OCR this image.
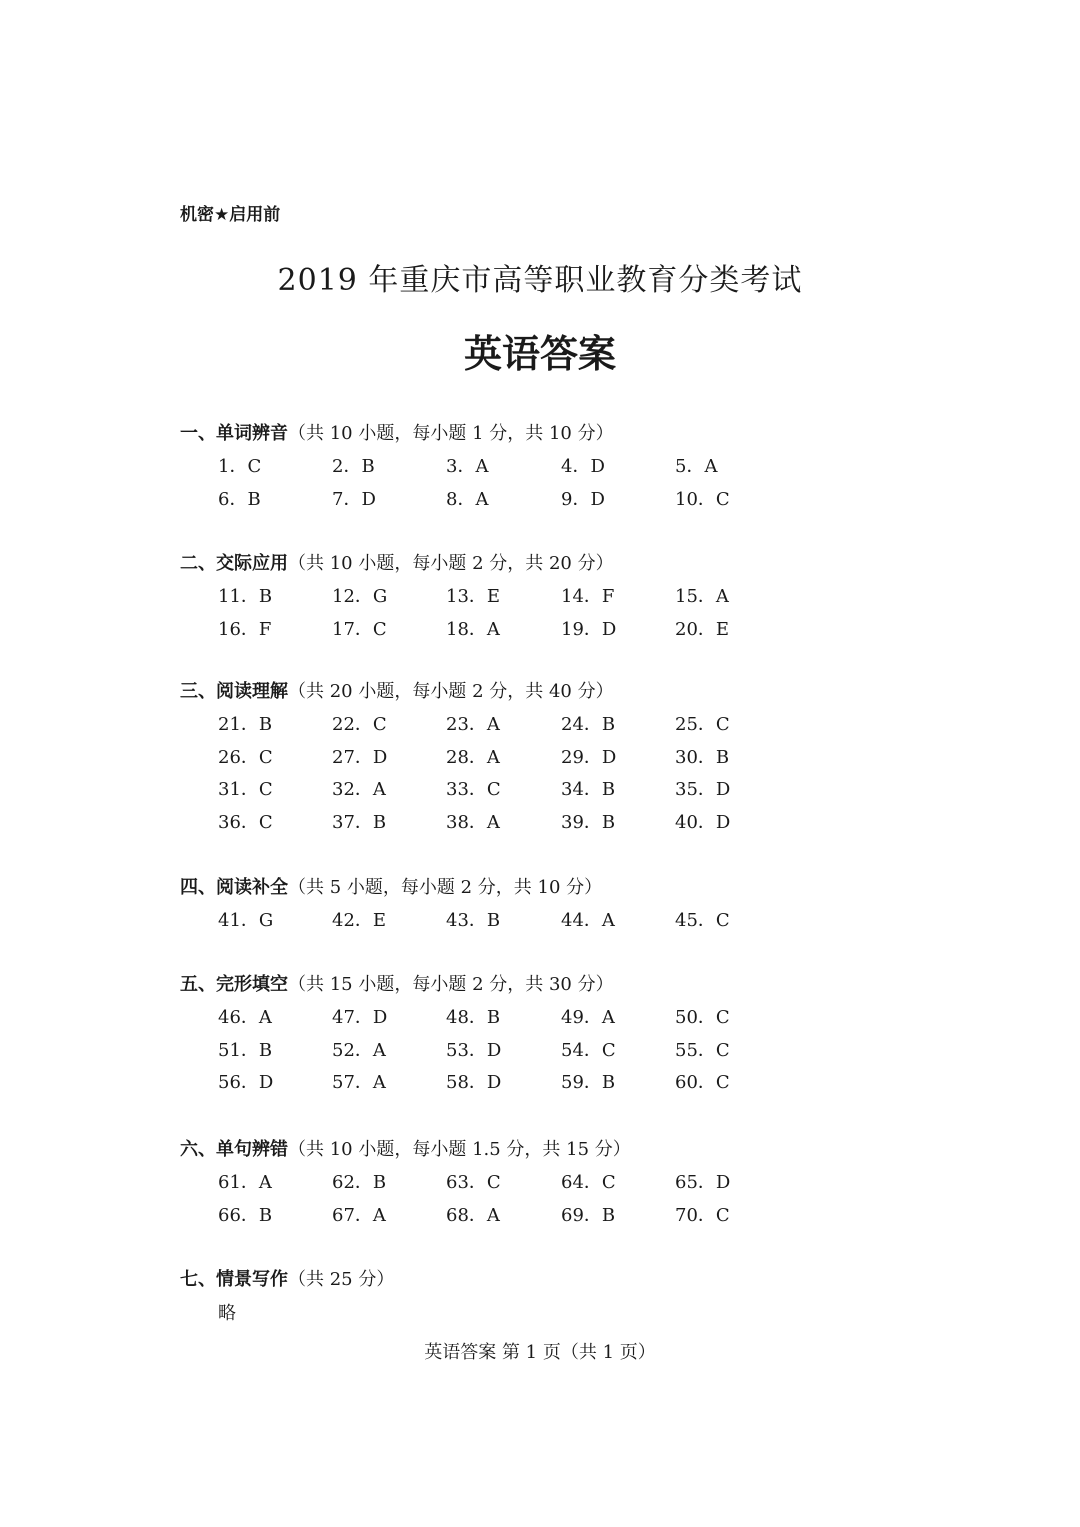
机密★启用前
2019 年重庆市高等职业教育分类考试
英语答案
一、单词辨音（共 10 小题，每小题 1 分，共 10 分）
1．C	2．B	3．A	4．D	5．A
6．B	7．D	8．A	9．D	10．C
二、交际应用（共 10 小题，每小题 2 分，共 20 分）
11．B	12．G	13．E	14．F	15．A
16．F	17．C	18．A	19．D	20．E
三、阅读理解（共 20 小题，每小题 2 分，共 40 分）
21．B	22．C	23．A	24．B	25．C
26．C	27．D	28．A	29．D	30．B
31．C	32．A	33．C	34．B	35．D
36．C	37．B	38．A	39．B	40．D
四、阅读补全（共 5 小题，每小题 2 分，共 10 分）
41．G	42．E	43．B	44．A	45．C
五、完形填空（共 15 小题，每小题 2 分，共 30 分）
46．A	47．D	48．B	49．A	50．C
51．B	52．A	53．D	54．C	55．C
56．D	57．A	58．D	59．B	60．C
六、单句辨错（共 10 小题，每小题 1.5 分，共 15 分）
61．A	62．B	63．C	64．C	65．D
66．B	67．A	68．A	69．B	70．C
七、情景写作（共 25 分）
略
英语答案 第 1 页（共 1 页）
